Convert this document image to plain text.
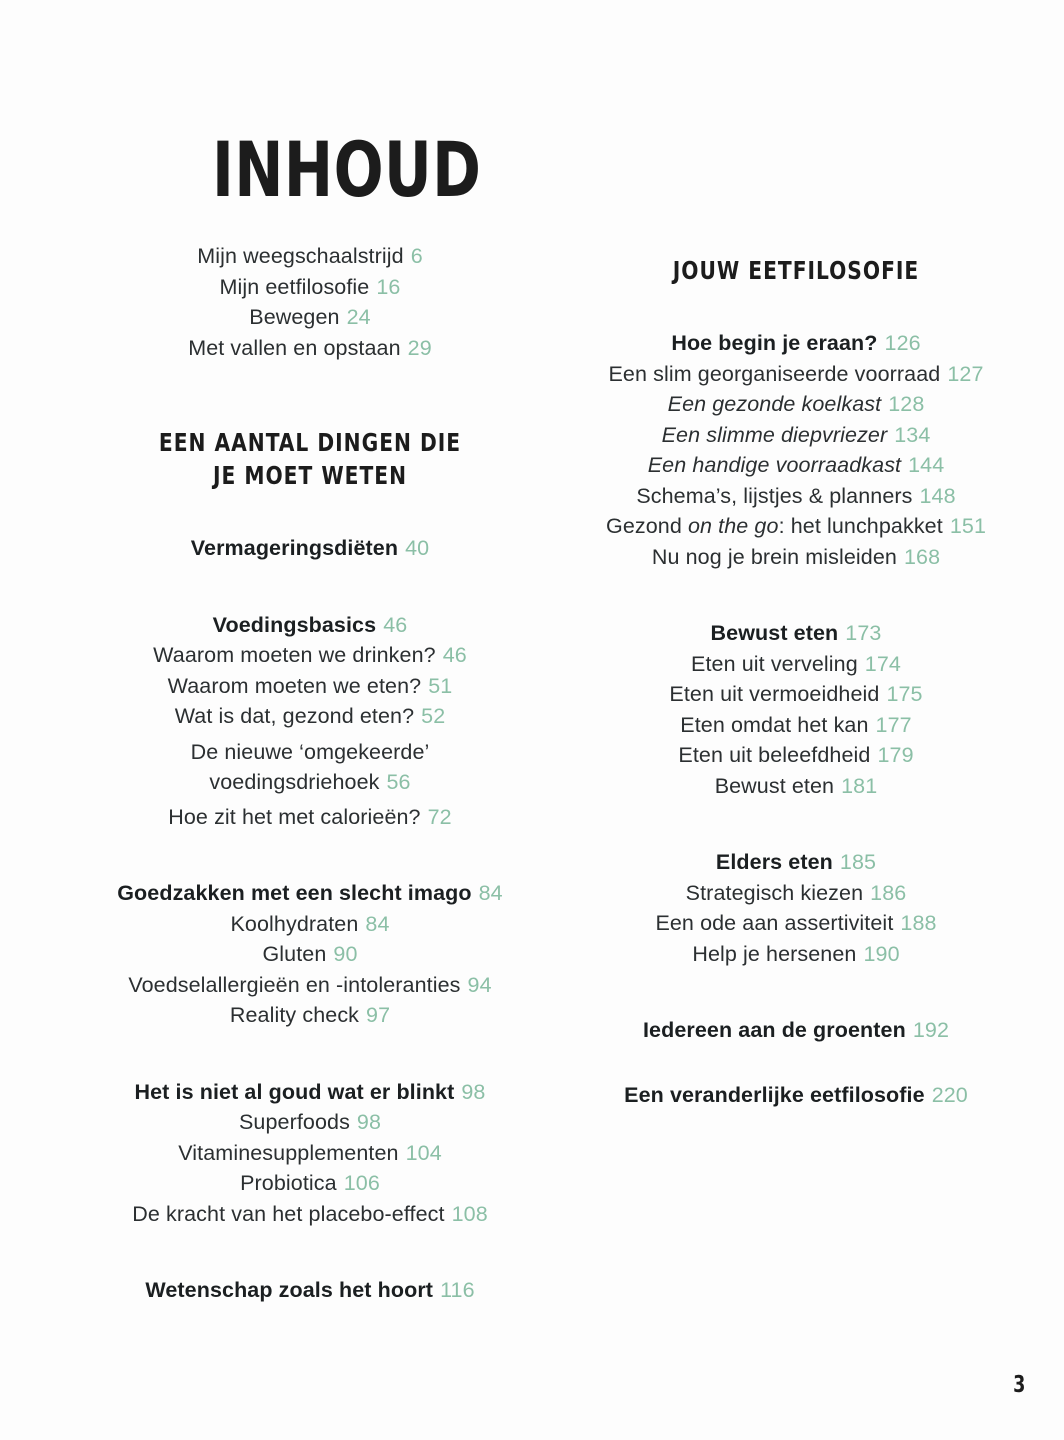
INHOUD
Mijn weegschaalstrijd 6
Mijn eetfilosofie 16
Bewegen 24
Met vallen en opstaan 29
EEN AANTAL DINGEN DIE
JE MOET WETEN
Vermageringsdiëten 40
Voedingsbasics 46
Waarom moeten we drinken? 46
Waarom moeten we eten? 51
Wat is dat, gezond eten? 52
De nieuwe ‘omgekeerde’ voedingsdriehoek 56
Hoe zit het met calorieën? 72
Goedzakken met een slecht imago 84
Koolhydraten 84
Gluten 90
Voedselallergieën en -intoleranties 94
Reality check 97
Het is niet al goud wat er blinkt 98
Superfoods 98
Vitaminesupplementen 104
Probiotica 106
De kracht van het placebo-effect 108
Wetenschap zoals het hoort 116
JOUW EETFILOSOFIE
Hoe begin je eraan? 126
Een slim georganiseerde voorraad 127
Een gezonde koelkast 128
Een slimme diepvriezer 134
Een handige voorraadkast 144
Schema’s, lijstjes & planners 148
Gezond on the go: het lunchpakket 151
Nu nog je brein misleiden 168
Bewust eten 173
Eten uit verveling 174
Eten uit vermoeidheid 175
Eten omdat het kan 177
Eten uit beleefdheid 179
Bewust eten 181
Elders eten 185
Strategisch kiezen 186
Een ode aan assertiviteit 188
Help je hersenen 190
Iedereen aan de groenten 192
Een veranderlijke eetfilosofie 220
3
